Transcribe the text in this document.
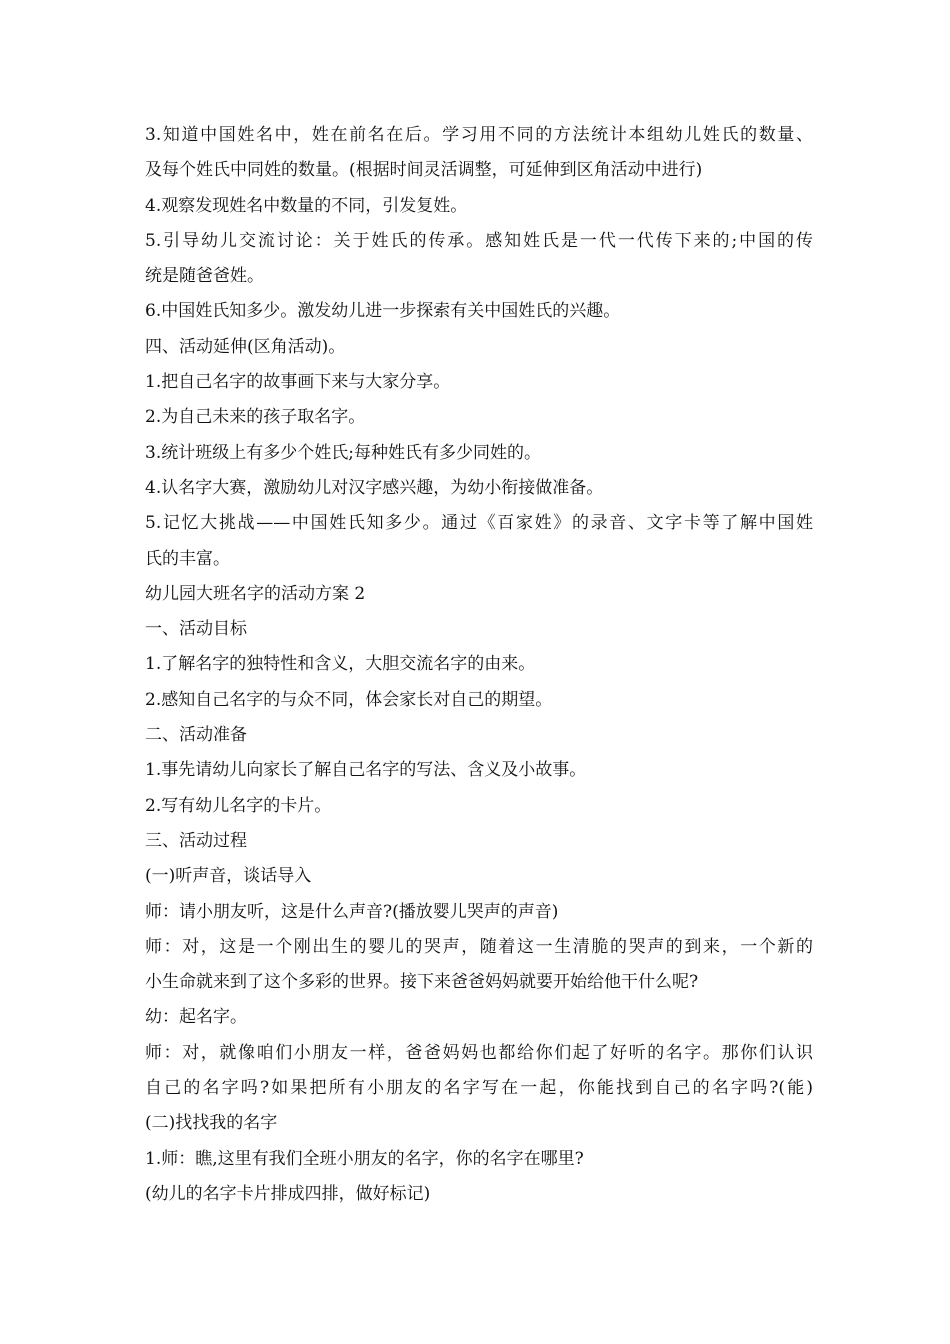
3.知道中国姓名中，姓在前名在后。学习用不同的方法统计本组幼儿姓氏的数量、
及每个姓氏中同姓的数量。(根据时间灵活调整，可延伸到区角活动中进行)
4.观察发现姓名中数量的不同，引发复姓。
5.引导幼儿交流讨论：关于姓氏的传承。感知姓氏是一代一代传下来的;中国的传
统是随爸爸姓。
6.中国姓氏知多少。激发幼儿进一步探索有关中国姓氏的兴趣。
四、活动延伸(区角活动)。
1.把自己名字的故事画下来与大家分享。
2.为自己未来的孩子取名字。
3.统计班级上有多少个姓氏;每种姓氏有多少同姓的。
4.认名字大赛，激励幼儿对汉字感兴趣，为幼小衔接做准备。
5.记忆大挑战——中国姓氏知多少。通过《百家姓》的录音、文字卡等了解中国姓
氏的丰富。
幼儿园大班名字的活动方案 2
一、活动目标
1.了解名字的独特性和含义，大胆交流名字的由来。
2.感知自己名字的与众不同，体会家长对自己的期望。
二、活动准备
1.事先请幼儿向家长了解自己名字的写法、含义及小故事。
2.写有幼儿名字的卡片。
三、活动过程
(一)听声音，谈话导入
师：请小朋友听，这是什么声音?(播放婴儿哭声的声音)
师：对，这是一个刚出生的婴儿的哭声，随着这一生清脆的哭声的到来，一个新的
小生命就来到了这个多彩的世界。接下来爸爸妈妈就要开始给他干什么呢?
幼：起名字。
师：对，就像咱们小朋友一样，爸爸妈妈也都给你们起了好听的名字。那你们认识
自己的名字吗?如果把所有小朋友的名字写在一起，你能找到自己的名字吗?(能)
(二)找找我的名字
1.师：瞧,这里有我们全班小朋友的名字，你的名字在哪里?
(幼儿的名字卡片排成四排，做好标记)
